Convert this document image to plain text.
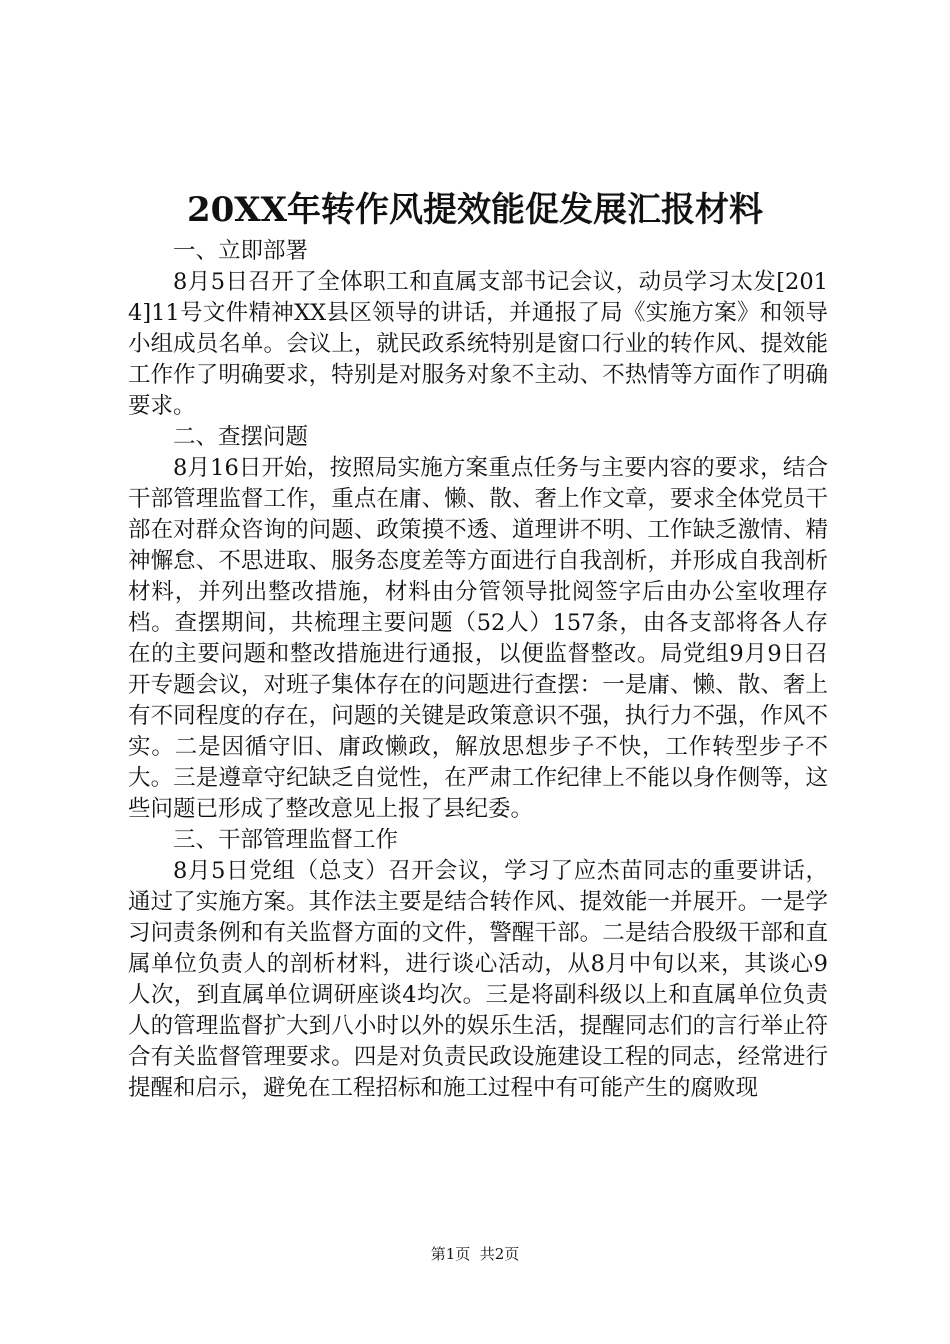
20XX年转作风提效能促发展汇报材料

一、立即部署

8月5日召开了全体职工和直属支部书记会议，动员学习太发[2014]11号文件精神XX县区领导的讲话，并通报了局《实施方案》和领导小组成员名单。会议上，就民政系统特别是窗口行业的转作风、提效能工作作了明确要求，特别是对服务对象不主动、不热情等方面作了明确要求。

二、查摆问题

8月16日开始，按照局实施方案重点任务与主要内容的要求，结合干部管理监督工作，重点在庸、懒、散、奢上作文章，要求全体党员干部在对群众咨询的问题、政策摸不透、道理讲不明、工作缺乏激情、精神懈怠、不思进取、服务态度差等方面进行自我剖析，并形成自我剖析材料，并列出整改措施，材料由分管领导批阅签字后由办公室收理存档。查摆期间，共梳理主要问题（52人）157条，由各支部将各人存在的主要问题和整改措施进行通报，以便监督整改。局党组9月9日召开专题会议，对班子集体存在的问题进行查摆：一是庸、懒、散、奢上有不同程度的存在，问题的关键是政策意识不强，执行力不强，作风不实。二是因循守旧、庸政懒政，解放思想步子不快，工作转型步子不大。三是遵章守纪缺乏自觉性，在严肃工作纪律上不能以身作侧等，这些问题已形成了整改意见上报了县纪委。

三、干部管理监督工作

8月5日党组（总支）召开会议，学习了应杰苗同志的重要讲话，通过了实施方案。其作法主要是结合转作风、提效能一并展开。一是学习问责条例和有关监督方面的文件，警醒干部。二是结合股级干部和直属单位负责人的剖析材料，进行谈心活动，从8月中旬以来，其谈心9人次，到直属单位调研座谈4均次。三是将副科级以上和直属单位负责人的管理监督扩大到八小时以外的娱乐生活，提醒同志们的言行举止符合有关监督管理要求。四是对负责民政设施建设工程的同志，经常进行提醒和启示，避免在工程招标和施工过程中有可能产生的腐败现

第1页  共2页
